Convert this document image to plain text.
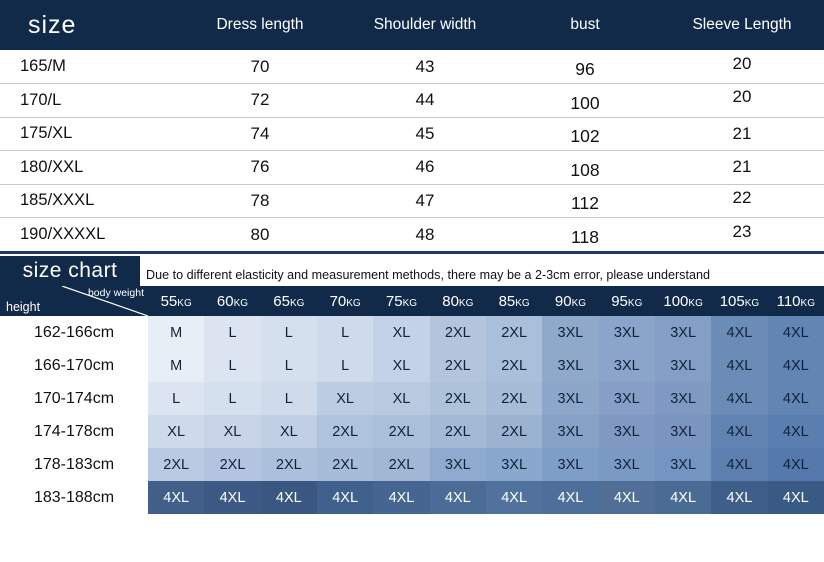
size	Dress length	Shoulder width	bust	Sleeve Length
165/M	70	43	96	20
170/L	72	44	100	20
175/XL	74	45	102	21
180/XXL	76	46	108	21
185/XXXL	78	47	112	22
190/XXXXL	80	48	118	23
size chart	Due to different elasticity and measurement methods, there may be a 2-3cm error, please understand
height
body weight	55KG	60KG	65KG	70KG	75KG	80KG	85KG	90KG	95KG	100KG	105KG	110KG
162-166cm	M	L	L	L	XL	2XL	2XL	3XL	3XL	3XL	4XL	4XL
166-170cm	M	L	L	L	XL	2XL	2XL	3XL	3XL	3XL	4XL	4XL
170-174cm	L	L	L	XL	XL	2XL	2XL	3XL	3XL	3XL	4XL	4XL
174-178cm	XL	XL	XL	2XL	2XL	2XL	2XL	3XL	3XL	3XL	4XL	4XL
178-183cm	2XL	2XL	2XL	2XL	2XL	3XL	3XL	3XL	3XL	3XL	4XL	4XL
183-188cm	4XL	4XL	4XL	4XL	4XL	4XL	4XL	4XL	4XL	4XL	4XL	4XL
